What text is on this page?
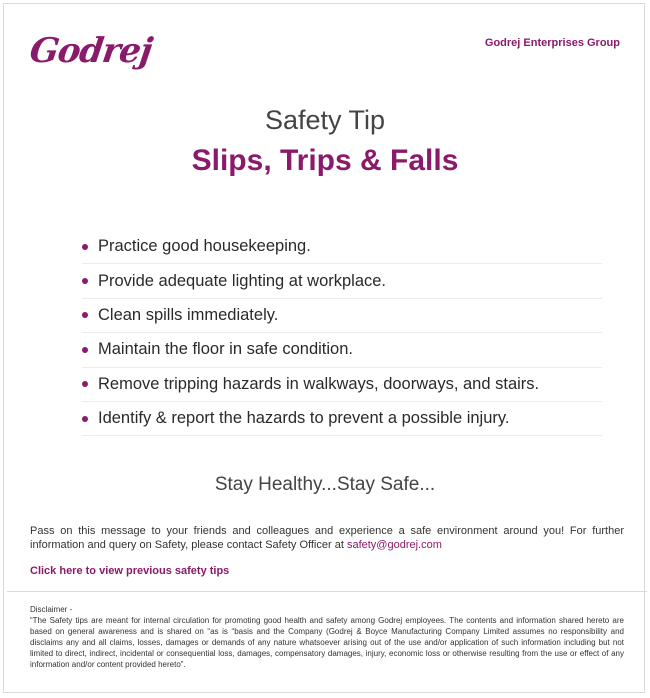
Godrej	Godrej Enterprises Group
Safety Tip
Slips, Trips & Falls
Practice good housekeeping.
Provide adequate lighting at workplace.
Clean spills immediately.
Maintain the floor in safe condition.
Remove tripping hazards in walkways, doorways, and stairs.
Identify & report the hazards to prevent a possible injury.
Stay Healthy...Stay Safe...
Pass on this message to your friends and colleagues and experience a safe environment around you! For further information and query on Safety, please contact Safety Officer at safety@godrej.com
Click here to view previous safety tips
Disclaimer -
“The Safety tips are meant for internal circulation for promoting good health and safety among Godrej employees. The contents and information shared hereto are based on general awareness and is shared on “as is “basis and the Company (Godrej & Boyce Manufacturing Company Limited assumes no responsibility and disclaims any and all claims, losses, damages or demands of any nature whatsoever arising out of the use and/or application of such information including but not limited to direct, indirect, incidental or consequential loss, damages, compensatory damages, injury, economic loss or otherwise resulting from the use or effect of any information and/or content provided hereto”.
